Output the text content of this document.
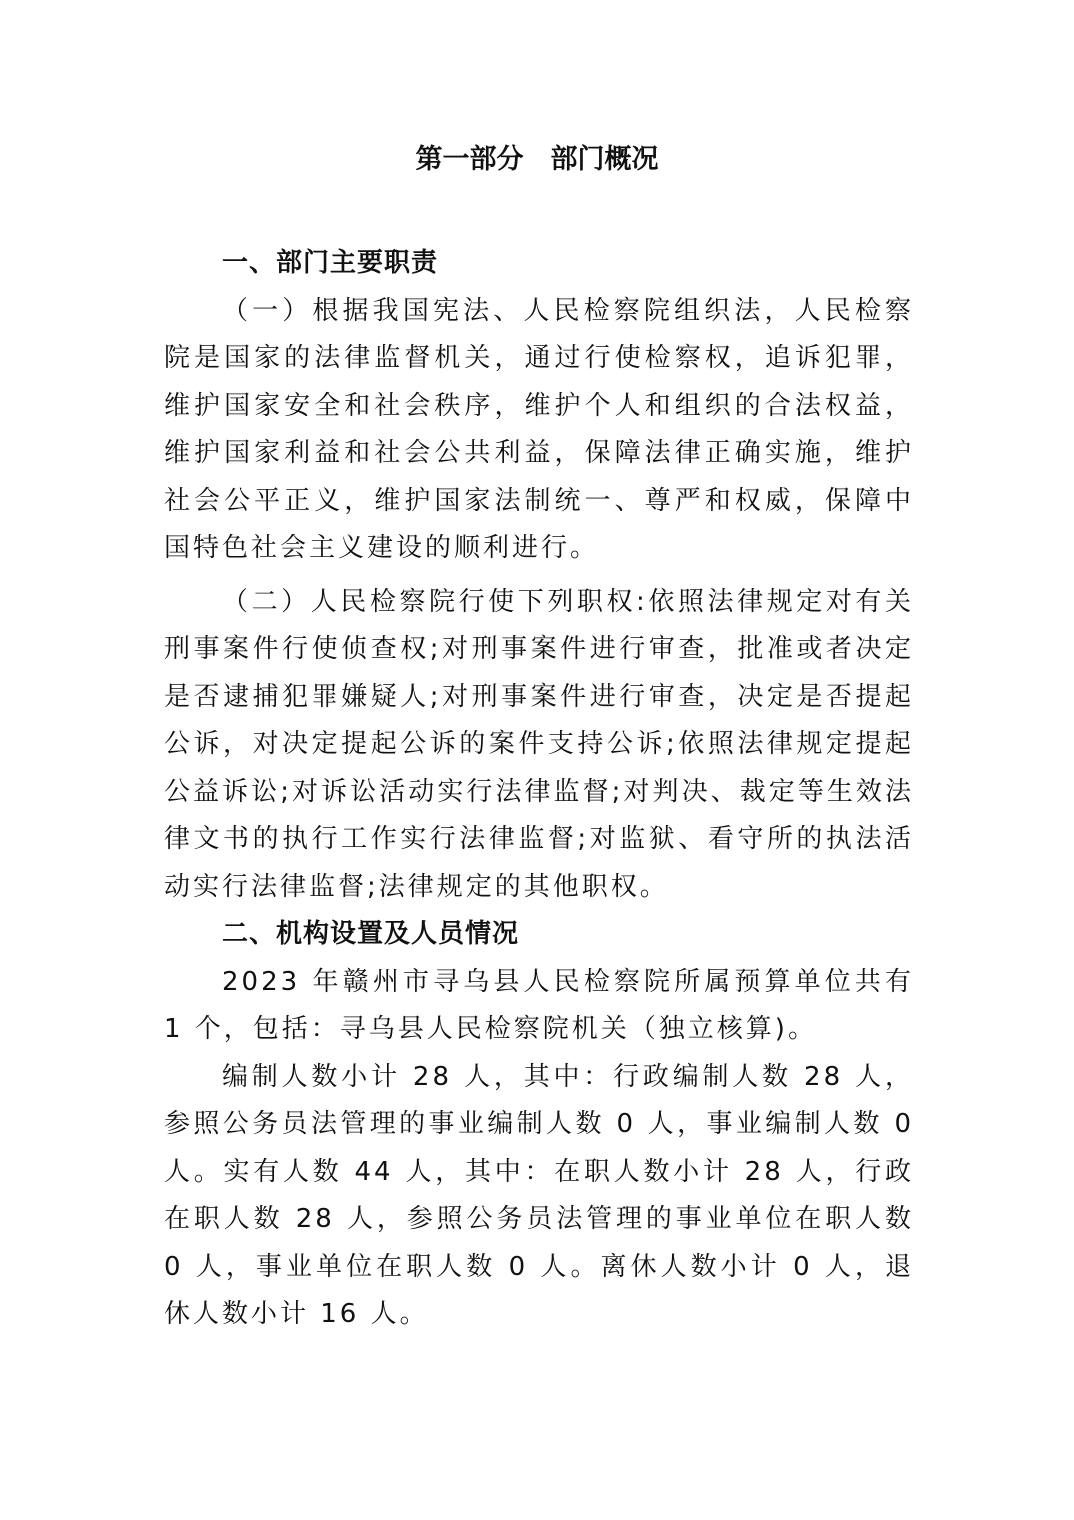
第一部分　部门概况
一、部门主要职责

（一）根据我国宪法、人民检察院组织法，人民检察院是国家的法律监督机关，通过行使检察权，追诉犯罪，维护国家安全和社会秩序，维护个人和组织的合法权益，维护国家利益和社会公共利益，保障法律正确实施，维护社会公平正义，维护国家法制统一、尊严和权威，保障中国特色社会主义建设的顺利进行。

（二）人民检察院行使下列职权:依照法律规定对有关刑事案件行使侦查权;对刑事案件进行审查，批准或者决定是否逮捕犯罪嫌疑人;对刑事案件进行审查，决定是否提起公诉，对决定提起公诉的案件支持公诉;依照法律规定提起公益诉讼;对诉讼活动实行法律监督;对判决、裁定等生效法律文书的执行工作实行法律监督;对监狱、看守所的执法活动实行法律监督;法律规定的其他职权。

二、机构设置及人员情况

2023 年赣州市寻乌县人民检察院所属预算单位共有 1 个，包括：寻乌县人民检察院机关（独立核算)。

编制人数小计 28 人，其中：行政编制人数 28 人，参照公务员法管理的事业编制人数 0 人，事业编制人数 0 人。实有人数 44 人，其中：在职人数小计 28 人，行政在职人数 28 人，参照公务员法管理的事业单位在职人数 0 人，事业单位在职人数 0 人。离休人数小计 0 人，退休人数小计 16 人。
